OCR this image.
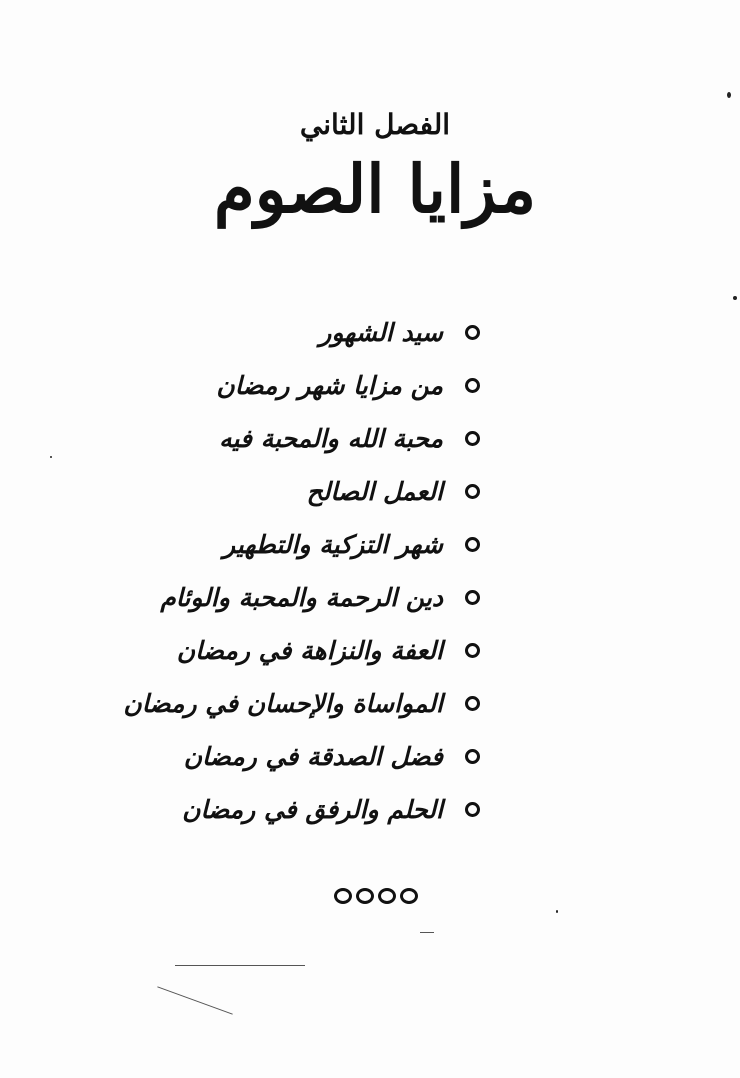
الفصل الثاني
مزايا الصوم
سيد الشهور
من مزايا شهر رمضان
محبة الله والمحبة فيه
العمل الصالح
شهر التزكية والتطهير
دين الرحمة والمحبة والوئام
العفة والنزاهة في رمضان
المواساة والإحسان في رمضان
فضل الصدقة في رمضان
الحلم والرفق في رمضان
